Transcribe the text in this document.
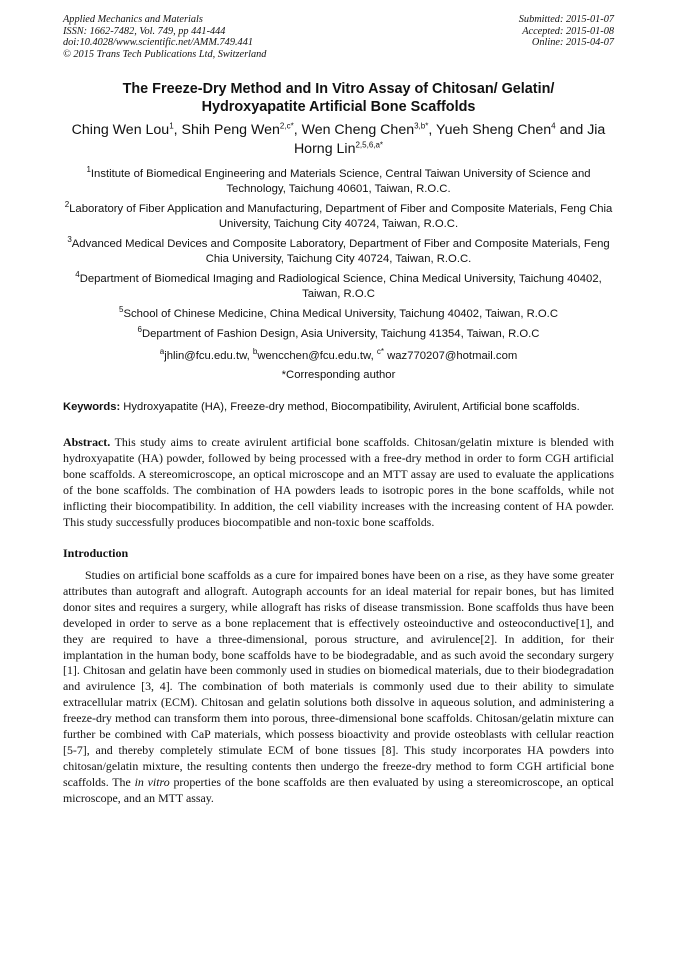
Applied Mechanics and Materials
ISSN: 1662-7482, Vol. 749, pp 441-444
doi:10.4028/www.scientific.net/AMM.749.441
© 2015 Trans Tech Publications Ltd, Switzerland
Submitted: 2015-01-07
Accepted: 2015-01-08
Online: 2015-04-07
The Freeze-Dry Method and In Vitro Assay of Chitosan/ Gelatin/
Hydroxyapatite Artificial Bone Scaffolds
Ching Wen Lou$^1$, Shih Peng Wen$^{2,c*}$, Wen Cheng Chen$^{3,b*}$, Yueh Sheng Chen$^4$ and Jia Horng Lin$^{2,5,6,a*}$
$^1$Institute of Biomedical Engineering and Materials Science, Central Taiwan University of Science and Technology, Taichung 40601, Taiwan, R.O.C.
$^2$Laboratory of Fiber Application and Manufacturing, Department of Fiber and Composite Materials, Feng Chia University, Taichung City 40724, Taiwan, R.O.C.
$^3$Advanced Medical Devices and Composite Laboratory, Department of Fiber and Composite Materials, Feng Chia University, Taichung City 40724, Taiwan, R.O.C.
$^4$Department of Biomedical Imaging and Radiological Science, China Medical University, Taichung 40402, Taiwan, R.O.C
$^5$School of Chinese Medicine, China Medical University, Taichung 40402, Taiwan, R.O.C
$^6$Department of Fashion Design, Asia University, Taichung 41354, Taiwan, R.O.C
$^a$jhlin@fcu.edu.tw, $^b$wencchen@fcu.edu.tw, $^{c*}$ waz770207@hotmail.com
*Corresponding author
Keywords: Hydroxyapatite (HA), Freeze-dry method, Biocompatibility, Avirulent, Artificial bone scaffolds.
Abstract. This study aims to create avirulent artificial bone scaffolds. Chitosan/gelatin mixture is blended with hydroxyapatite (HA) powder, followed by being processed with a free-dry method in order to form CGH artificial bone scaffolds. A stereomicroscope, an optical microscope and an MTT assay are used to evaluate the applications of the bone scaffolds. The combination of HA powders leads to isotropic pores in the bone scaffolds, while not inflicting their biocompatibility. In addition, the cell viability increases with the increasing content of HA powder. This study successfully produces biocompatible and non-toxic bone scaffolds.
Introduction
Studies on artificial bone scaffolds as a cure for impaired bones have been on a rise, as they have some greater attributes than autograft and allograft. Autograph accounts for an ideal material for repair bones, but has limited donor sites and requires a surgery, while allograft has risks of disease transmission. Bone scaffolds thus have been developed in order to serve as a bone replacement that is effectively osteoinductive and osteoconductive[1], and they are required to have a three-dimensional, porous structure, and avirulence[2]. In addition, for their implantation in the human body, bone scaffolds have to be biodegradable, and as such avoid the secondary surgery [1]. Chitosan and gelatin have been commonly used in studies on biomedical materials, due to their biodegradation and avirulence [3, 4]. The combination of both materials is commonly used due to their ability to simulate extracellular matrix (ECM). Chitosan and gelatin solutions both dissolve in aqueous solution, and administering a freeze-dry method can transform them into porous, three-dimensional bone scaffolds. Chitosan/gelatin mixture can further be combined with CaP materials, which possess bioactivity and provide osteoblasts with cellular reaction [5-7], and thereby completely stimulate ECM of bone tissues [8]. This study incorporates HA powders into chitosan/gelatin mixture, the resulting contents then undergo the freeze-dry method to form CGH artificial bone scaffolds. The in vitro properties of the bone scaffolds are then evaluated by using a stereomicroscope, an optical microscope, and an MTT assay.
